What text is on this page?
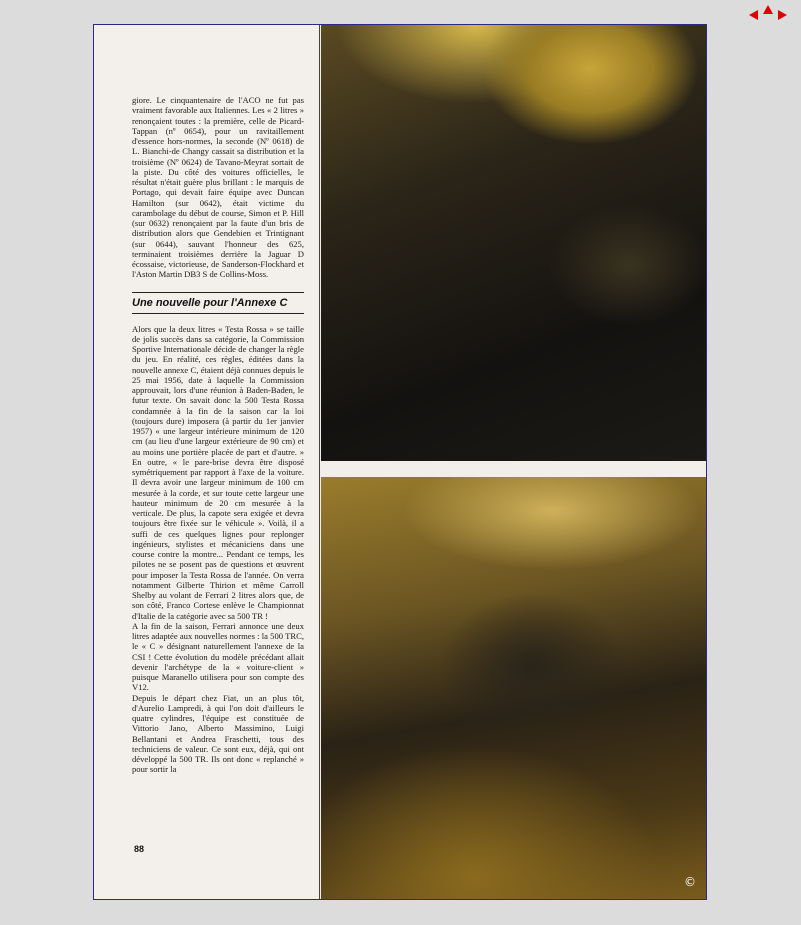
giore. Le cinquantenaire de l'ACO ne fut pas vraiment favorable aux Italiennes. Les « 2 litres » renonçaient toutes : la première, celle de Picard-Tappan (nº 0654), pour un ravitaillement d'essence hors-normes, la seconde (Nº 0618) de L. Bianchi-de Changy cassait sa distribution et la troisième (Nº 0624) de Tavano-Meyrat sortait de la piste. Du côté des voitures officielles, le résultat n'était guère plus brillant : le marquis de Portago, qui devait faire équipe avec Duncan Hamilton (sur 0642), était victime du carambolage du début de course, Simon et P. Hill (sur 0632) renonçaient par la faute d'un bris de distribution alors que Gendebien et Trintignant (sur 0644), sauvant l'honneur des 625, terminaient troisièmes derrière la Jaguar D écossaise, victorieuse, de Sanderson-Flockhard et l'Aston Martin DB3 S de Collins-Moss.

Une nouvelle pour l'Annexe C

Alors que la deux litres « Testa Rossa » se taille de jolis succès dans sa catégorie, la Commission Sportive Internationale décide de changer la règle du jeu. En réalité, ces règles, éditées dans la nouvelle annexe C, étaient déjà connues depuis le 25 mai 1956, date à laquelle la Commission approuvait, lors d'une réunion à Baden-Baden, le futur texte. On savait donc la 500 Testa Rossa condamnée à la fin de la saison car la loi (toujours dure) imposera (à partir du 1er janvier 1957) « une largeur intérieure minimum de 120 cm (au lieu d'une largeur extérieure de 90 cm) et au moins une portière placée de part et d'autre. » En outre, « le pare-brise devra être disposé symétriquement par rapport à l'axe de la voiture. Il devra avoir une largeur minimum de 100 cm mesurée à la corde, et sur toute cette largeur une hauteur minimum de 20 cm mesurée à la verticale. De plus, la capote sera exigée et devra toujours être fixée sur le véhicule ». Voilà, il a suffi de ces quelques lignes pour replonger ingénieurs, stylistes et mécaniciens dans une course contre la montre... Pendant ce temps, les pilotes ne se posent pas de questions et œuvrent pour imposer la Testa Rossa de l'année. On verra notamment Gilberte Thirion et même Carroll Shelby au volant de Ferrari 2 litres alors que, de son côté, Franco Cortese enlève le Championnat d'Italie de la catégorie avec sa 500 TR !

A la fin de la saison, Ferrari annonce une deux litres adaptée aux nouvelles normes : la 500 TRC, le « C » désignant naturellement l'annexe de la CSI ! Cette évolution du modèle précédant allait devenir l'archétype de la « voiture-client » puisque Maranello utilisera pour son compte des V12.

Depuis le départ chez Fiat, un an plus tôt, d'Aurelio Lampredi, à qui l'on doit d'ailleurs le quatre cylindres, l'équipe est constituée de Vittorio Jano, Alberto Massimino, Luigi Bellantani et Andrea Fraschetti, tous des techniciens de valeur. Ce sont eux, déjà, qui ont développé la 500 TR. Ils ont donc « replanché » pour sortir la

88
©
